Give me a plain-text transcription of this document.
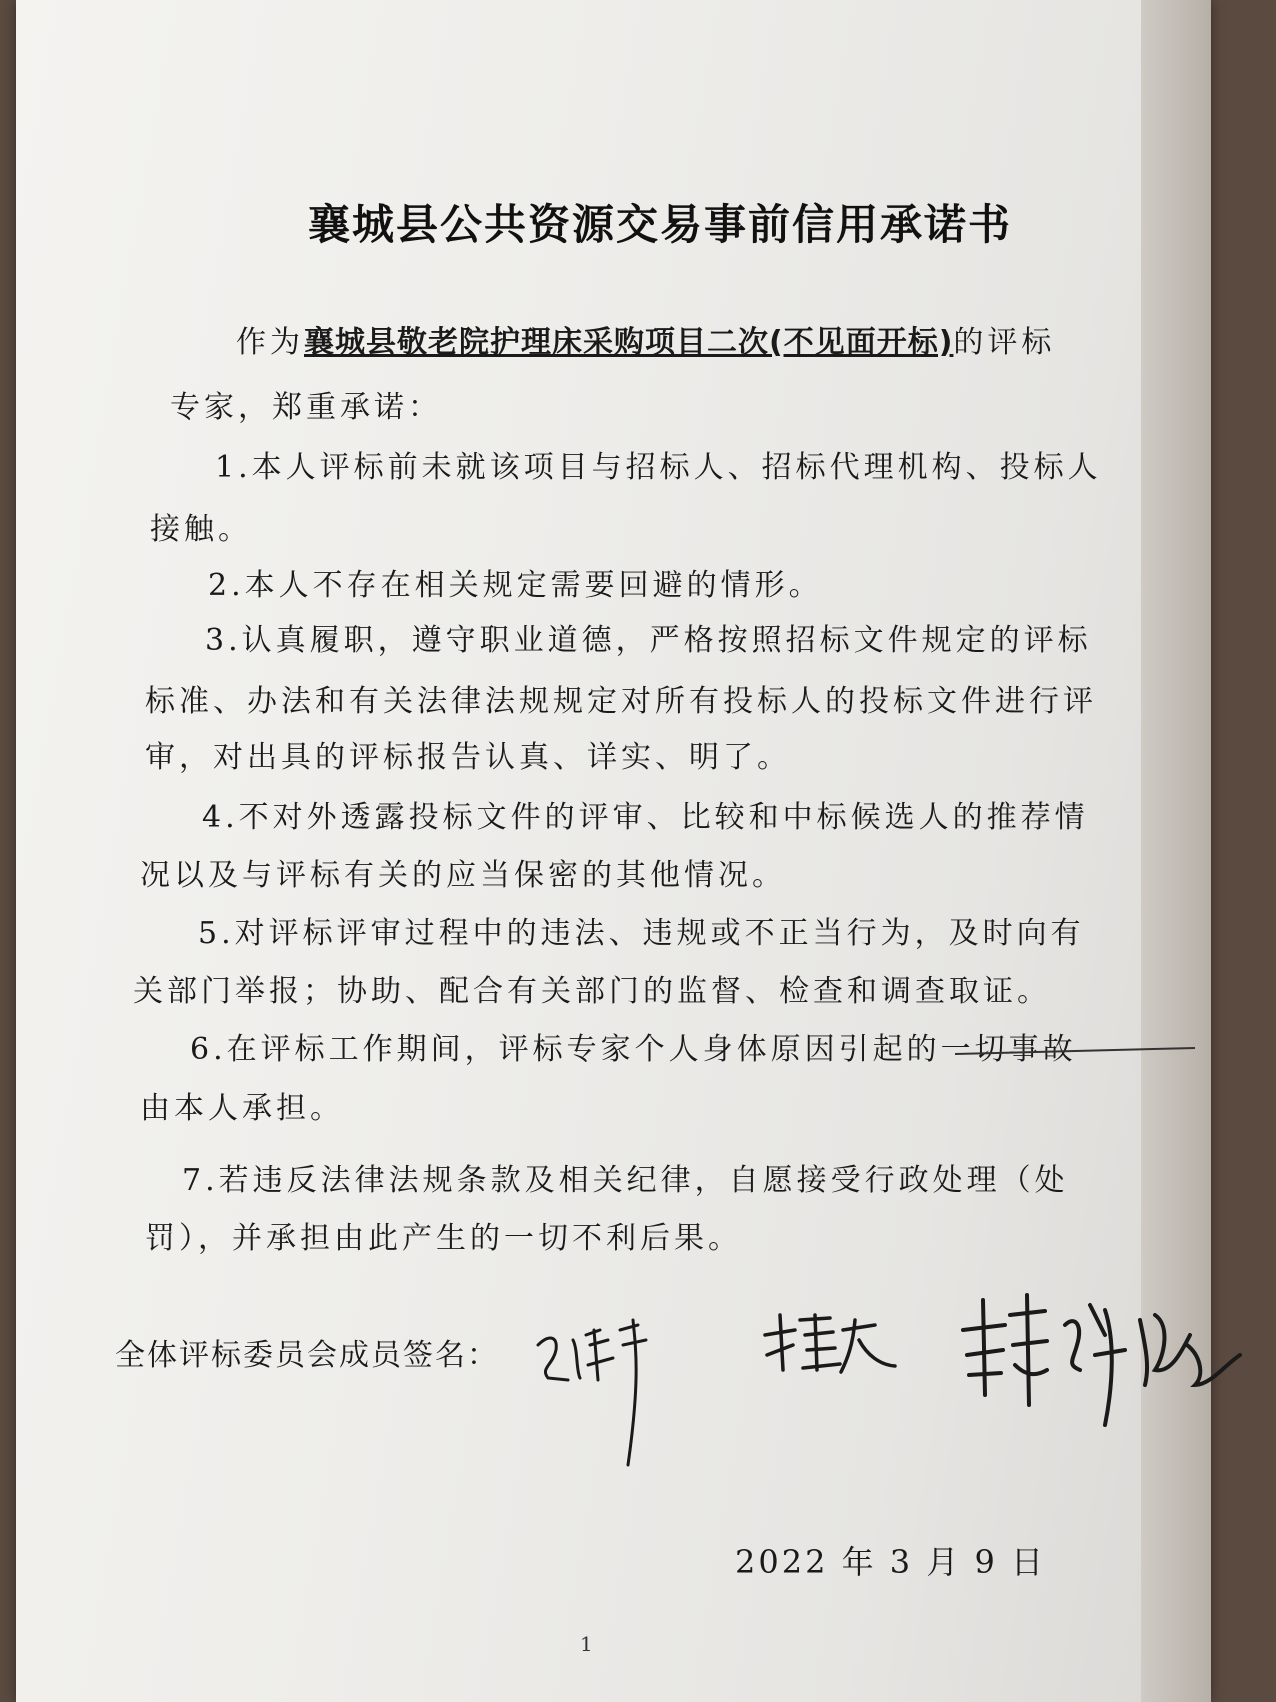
襄城县公共资源交易事前信用承诺书
作为襄城县敬老院护理床采购项目二次(不见面开标)的评标
专家，郑重承诺：
1.本人评标前未就该项目与招标人、招标代理机构、投标人
接触。
2.本人不存在相关规定需要回避的情形。
3.认真履职，遵守职业道德，严格按照招标文件规定的评标
标准、办法和有关法律法规规定对所有投标人的投标文件进行评
审，对出具的评标报告认真、详实、明了。
4.不对外透露投标文件的评审、比较和中标候选人的推荐情
况以及与评标有关的应当保密的其他情况。
5.对评标评审过程中的违法、违规或不正当行为，及时向有
关部门举报；协助、配合有关部门的监督、检查和调查取证。
6.在评标工作期间，评标专家个人身体原因引起的一切事故
由本人承担。
7.若违反法律法规条款及相关纪律，自愿接受行政处理（处
罚），并承担由此产生的一切不利后果。
全体评标委员会成员签名：
2022 年 3 月 9 日
1
